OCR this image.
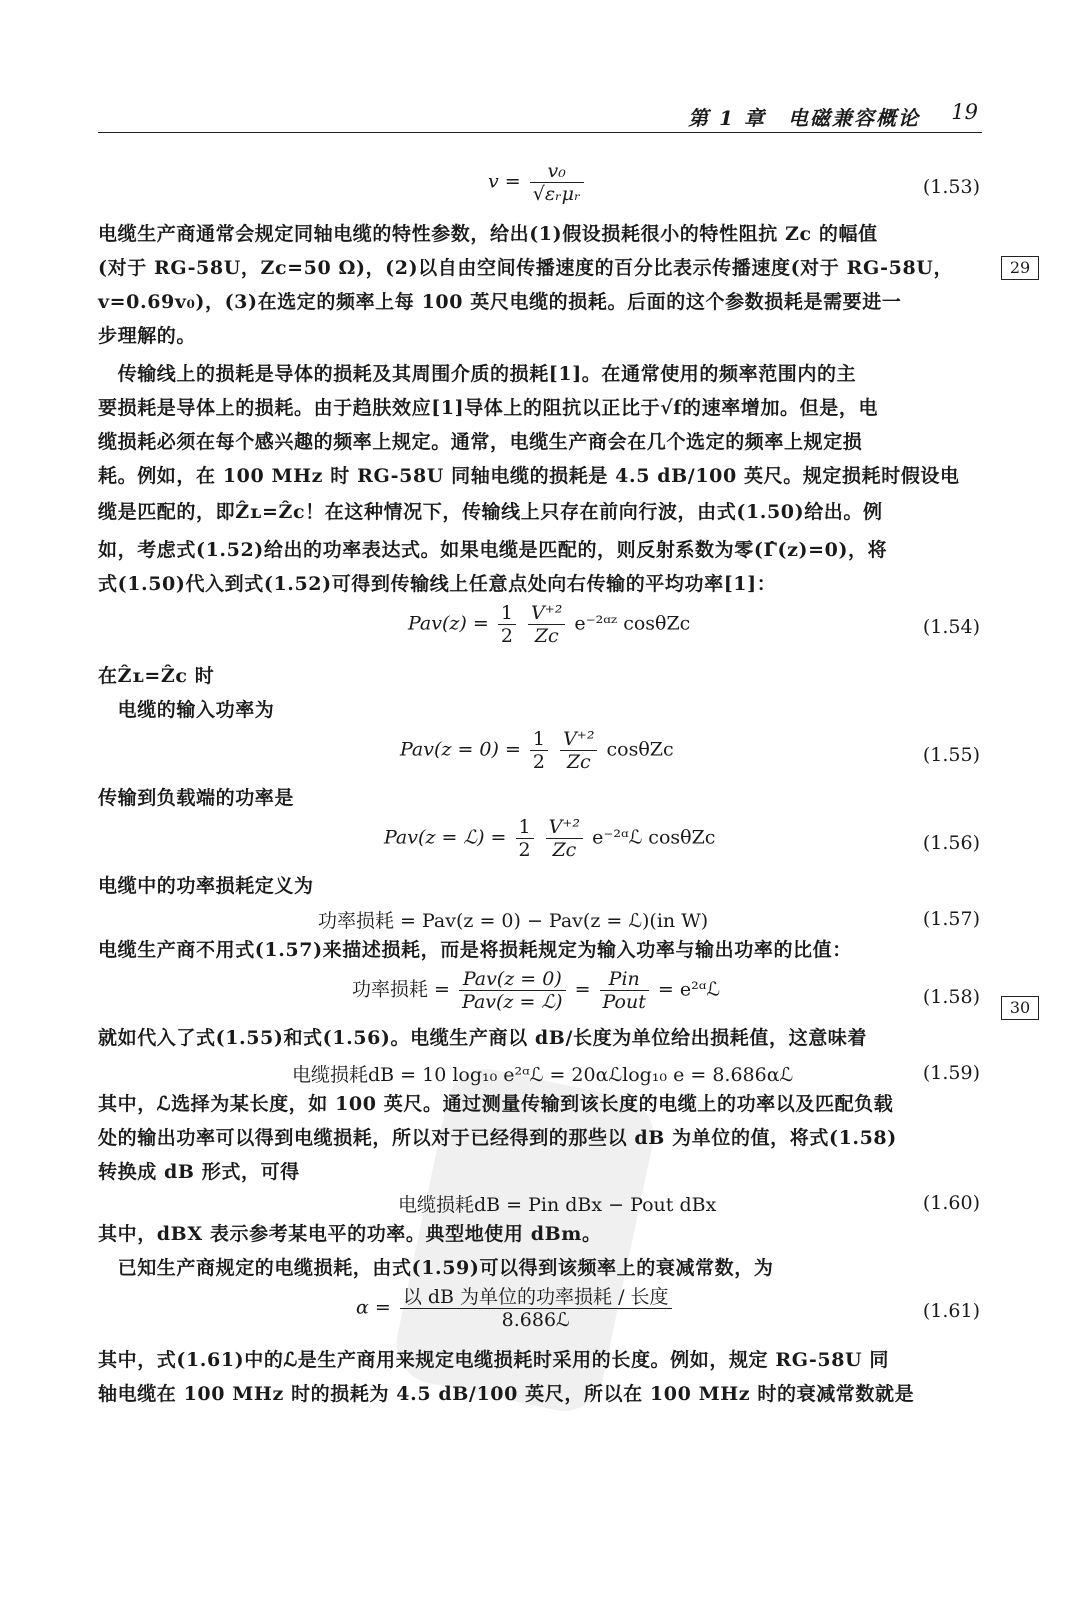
第 1 章　电磁兼容概论 19
29
30
$v = \frac{\text{v₀}}{\text{√εᵣμᵣ}}$	(1.53)
电缆生产商通常会规定同轴电缆的特性参数，给出(1)假设损耗很小的特性阻抗 Zc 的幅值
(对于 RG-58U，Zc=50 Ω)，(2)以自由空间传播速度的百分比表示传播速度(对于 RG-58U，
v=0.69v₀)，(3)在选定的频率上每 100 英尺电缆的损耗。后面的这个参数损耗是需要进一
步理解的。
　传输线上的损耗是导体的损耗及其周围介质的损耗[1]。在通常使用的频率范围内的主
要损耗是导体上的损耗。由于趋肤效应[1]导体上的阻抗以正比于√f的速率增加。但是，电
缆损耗必须在每个感兴趣的频率上规定。通常，电缆生产商会在几个选定的频率上规定损
耗。例如，在 100 MHz 时 RG-58U 同轴电缆的损耗是 4.5 dB/100 英尺。规定损耗时假设电
缆是匹配的，即Ẑʟ=Ẑc！在这种情况下，传输线上只存在前向行波，由式(1.50)给出。例
如，考虑式(1.52)给出的功率表达式。如果电缆是匹配的，则反射系数为零(Γ̂(z)=0)，将
式(1.50)代入到式(1.52)可得到传输线上任意点处向右传输的平均功率[1]：
$Pav(z) = \frac{1}{2}$
$\frac{\text{V⁺²}}{Zc}$ e⁻²ᵅᶻ cosθZc	(1.54)
在Ẑʟ=Ẑc 时
　电缆的输入功率为
$Pav(z = 0) = \frac{1}{2}$
$\frac{\text{V⁺²}}{Zc}$ cosθZc	(1.55)
传输到负载端的功率是
Pav(z = ℒ) = $\frac{1}{2}$
$\frac{\text{V⁺²}}{Zc}$ e⁻²ᵅℒ cosθZc	(1.56)
电缆中的功率损耗定义为
功率损耗 = Pav(z = 0) − Pav(z = ℒ)(in W)	(1.57)
电缆生产商不用式(1.57)来描述损耗，而是将损耗规定为输入功率与输出功率的比值：
功率损耗 = $\frac{\text{Pav(z = 0)}}{\text{Pav(z = ℒ)}} = \frac{\text{Pin}}{\text{Pout}}$ = e²ᵅℒ	(1.58)
就如代入了式(1.55)和式(1.56)。电缆生产商以 dB/长度为单位给出损耗值，这意味着
电缆损耗dB = 10 log₁₀ e²ᵅℒ = 20αℒlog₁₀ e = 8.686αℒ	(1.59)
其中，ℒ选择为某长度，如 100 英尺。通过测量传输到该长度的电缆上的功率以及匹配负载
处的输出功率可以得到电缆损耗，所以对于已经得到的那些以 dB 为单位的值，将式(1.58)
转换成 dB 形式，可得
电缆损耗dB = Pin dBx − Pout dBx	(1.60)
其中，dBX 表示参考某电平的功率。典型地使用 dBm。
　已知生产商规定的电缆损耗，由式(1.59)可以得到该频率上的衰减常数，为
$\alpha = \frac{\text{以 dB 为单位的功率损耗 / 长度}}{\text{8.686ℒ}}$	(1.61)
其中，式(1.61)中的ℒ是生产商用来规定电缆损耗时采用的长度。例如，规定 RG-58U 同
轴电缆在 100 MHz 时的损耗为 4.5 dB/100 英尺，所以在 100 MHz 时的衰减常数就是
